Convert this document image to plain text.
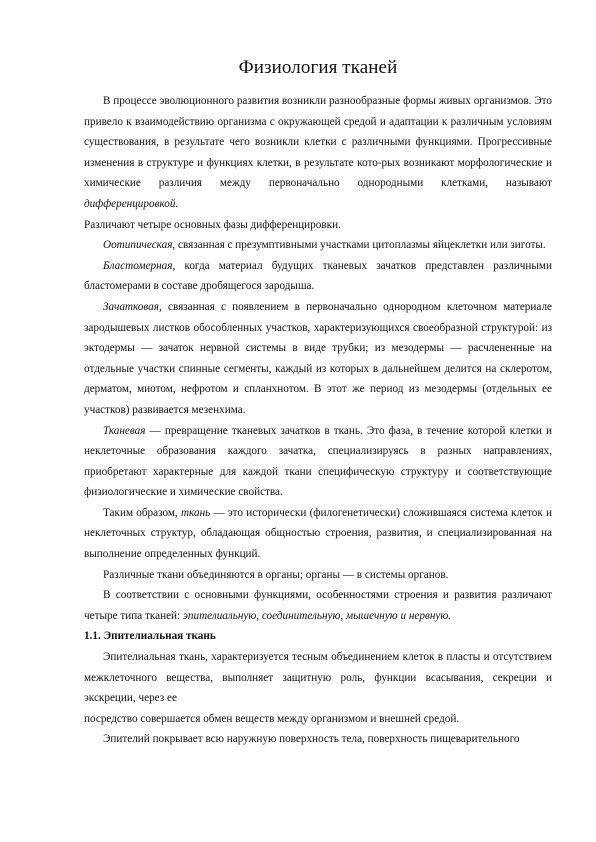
Физиология тканей

В процессе эволюционного развития возникли разнообразные формы живых организмов. Это привело к взаимодействию организма с окружающей средой и адаптации к различным условиям существования, в результате чего возникли клетки с различными функциями. Прогрессивные изменения в структуре и функциях клетки, в результате кото-рых возникают морфологические и химические различия между первоначально однородными клетками, называют дифференцировкой.

Различают четыре основных фазы дифференцировки.

Оотипическая, связанная с презумптивными участками цитоплазмы яйцеклетки или зиготы.

Бластомерная, когда материал будущих тканевых зачатков представлен различными бластомерами в составе дробящегося зародыша.

Зачатковая, связанная с появлением в первоначально однородном клеточном материале зародышевых листков обособленных участков, характеризующихся своеобразной структурой: из эктодермы — зачаток нервной системы в виде трубки; из мезодермы — расчлененные на отдельные участки спинные сегменты, каждый из которых в дальнейшем делится на склеротом, дерматом, миотом, нефротом и спланхнотом. В этот же период из мезодермы (отдельных ее участков) развивается мезенхима.

Тканевая — превращение тканевых зачатков в ткань. Это фаза, в течение которой клетки и неклеточные образования каждого зачатка, специализируясь в разных направлениях, приобретают характерные для каждой ткани специфическую структуру и соответствующие физиологические и химические свойства.

Таким образом, ткань — это исторически (филогенетически) сложившаяся система клеток и неклеточных структур, обладающая общностью строения, развития, и специализированная на выполнение определенных функций.

Различные ткани объединяются в органы; органы — в системы органов.

В соответствии с основными функциями, особенностями строения и развития различают четыре типа тканей: эпителиальную, соединительную, мышечную и нервную.

1.1. Эпителиальная ткань

Эпителиальная ткань, характеризуется тесным объединением клеток в пласты и отсутствием межклеточного вещества, выполняет защитную роль, функции всасывания, секреции и экскреции, через ее

посредство совершается обмен веществ между организмом и внешней средой.

Эпителий покрывает всю наружную поверхность тела, поверхность пищеварительного
